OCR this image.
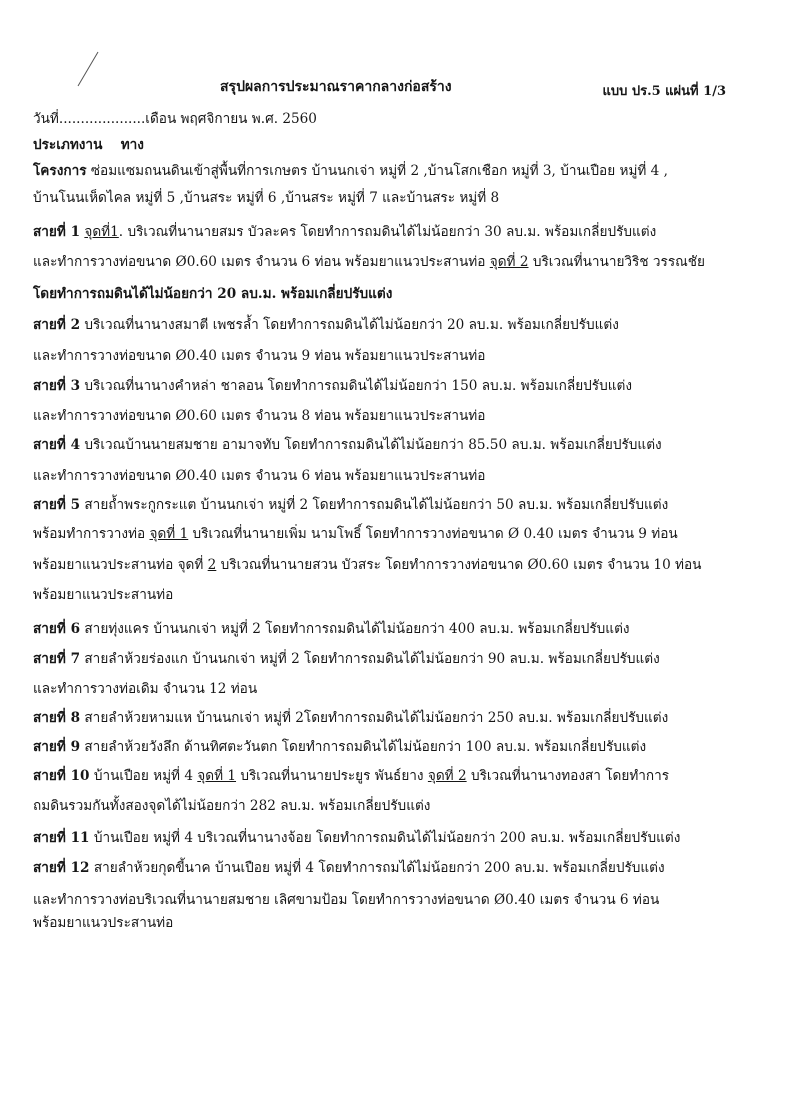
สรุปผลการประมาณราคากลางก่อสร้าง	แบบ ปร.5 แผ่นที่ 1/3
วันที่....................เดือน พฤศจิกายน พ.ศ. 2560
ประเภทงาน ทาง
โครงการ ซ่อมแซมถนนดินเข้าสู่พื้นที่การเกษตร บ้านนกเจ่า หมู่ที่ 2 ,บ้านโสกเชือก หมู่ที่ 3, บ้านเปือย หมู่ที่ 4 ,
บ้านโนนเห็ดไคล หมู่ที่ 5 ,บ้านสระ หมู่ที่ 6 ,บ้านสระ หมู่ที่ 7 และบ้านสระ หมู่ที่ 8
สายที่ 1 จุดที่1. บริเวณที่นานายสมร บัวละคร โดยทำการถมดินได้ไม่น้อยกว่า 30 ลบ.ม. พร้อมเกลี่ยปรับแต่ง
และทำการวางท่อขนาด Ø0.60 เมตร จำนวน 6 ท่อน พร้อมยาแนวประสานท่อ จุดที่ 2 บริเวณที่นานายวิริช วรรณชัย
โดยทำการถมดินได้ไม่น้อยกว่า 20 ลบ.ม. พร้อมเกลี่ยปรับแต่ง
สายที่ 2 บริเวณที่นานางสมาตี เพชรล้ำ โดยทำการถมดินได้ไม่น้อยกว่า 20 ลบ.ม. พร้อมเกลี่ยปรับแต่ง
และทำการวางท่อขนาด Ø0.40 เมตร จำนวน 9 ท่อน พร้อมยาแนวประสานท่อ
สายที่ 3 บริเวณที่นานางคำหล่า ชาลอน โดยทำการถมดินได้ไม่น้อยกว่า 150 ลบ.ม. พร้อมเกลี่ยปรับแต่ง
และทำการวางท่อขนาด Ø0.60 เมตร จำนวน 8 ท่อน พร้อมยาแนวประสานท่อ
สายที่ 4 บริเวณบ้านนายสมชาย อามาจทับ โดยทำการถมดินได้ไม่น้อยกว่า 85.50 ลบ.ม. พร้อมเกลี่ยปรับแต่ง
และทำการวางท่อขนาด Ø0.40 เมตร จำนวน 6 ท่อน พร้อมยาแนวประสานท่อ
สายที่ 5 สายถ้ำพระกูกระแต บ้านนกเจ่า หมู่ที่ 2 โดยทำการถมดินได้ไม่น้อยกว่า 50 ลบ.ม. พร้อมเกลี่ยปรับแต่ง
พร้อมทำการวางท่อ จุดที่ 1 บริเวณที่นานายเพิ่ม นามโพธิ์ โดยทำการวางท่อขนาด Ø 0.40 เมตร จำนวน 9 ท่อน
พร้อมยาแนวประสานท่อ จุดที่ 2 บริเวณที่นานายสวน บัวสระ โดยทำการวางท่อขนาด Ø0.60 เมตร จำนวน 10 ท่อน
พร้อมยาแนวประสานท่อ
สายที่ 6 สายทุ่งแคร บ้านนกเจ่า หมู่ที่ 2 โดยทำการถมดินได้ไม่น้อยกว่า 400 ลบ.ม. พร้อมเกลี่ยปรับแต่ง
สายที่ 7 สายลำห้วยร่องแก บ้านนกเจ่า หมู่ที่ 2 โดยทำการถมดินได้ไม่น้อยกว่า 90 ลบ.ม. พร้อมเกลี่ยปรับแต่ง
และทำการวางท่อเดิม จำนวน 12 ท่อน
สายที่ 8 สายลำห้วยหามแห บ้านนกเจ่า หมู่ที่ 2โดยทำการถมดินได้ไม่น้อยกว่า 250 ลบ.ม. พร้อมเกลี่ยปรับแต่ง
สายที่ 9 สายลำห้วยวังลึก ด้านทิศตะวันตก โดยทำการถมดินได้ไม่น้อยกว่า 100 ลบ.ม. พร้อมเกลี่ยปรับแต่ง
สายที่ 10 บ้านเปือย หมู่ที่ 4 จุดที่ 1 บริเวณที่นานายประยูร พันธ์ยาง จุดที่ 2 บริเวณที่นานางทองสา โดยทำการ
ถมดินรวมกันทั้งสองจุดได้ไม่น้อยกว่า 282 ลบ.ม. พร้อมเกลี่ยปรับแต่ง
สายที่ 11 บ้านเปือย หมู่ที่ 4 บริเวณที่นานางจ้อย โดยทำการถมดินได้ไม่น้อยกว่า 200 ลบ.ม. พร้อมเกลี่ยปรับแต่ง
สายที่ 12 สายลำห้วยกุดขี้นาค บ้านเปือย หมู่ที่ 4 โดยทำการถมได้ไม่น้อยกว่า 200 ลบ.ม. พร้อมเกลี่ยปรับแต่ง
และทำการวางท่อบริเวณที่นานายสมชาย เลิศขามป้อม โดยทำการวางท่อขนาด Ø0.40 เมตร จำนวน 6 ท่อน
พร้อมยาแนวประสานท่อ
